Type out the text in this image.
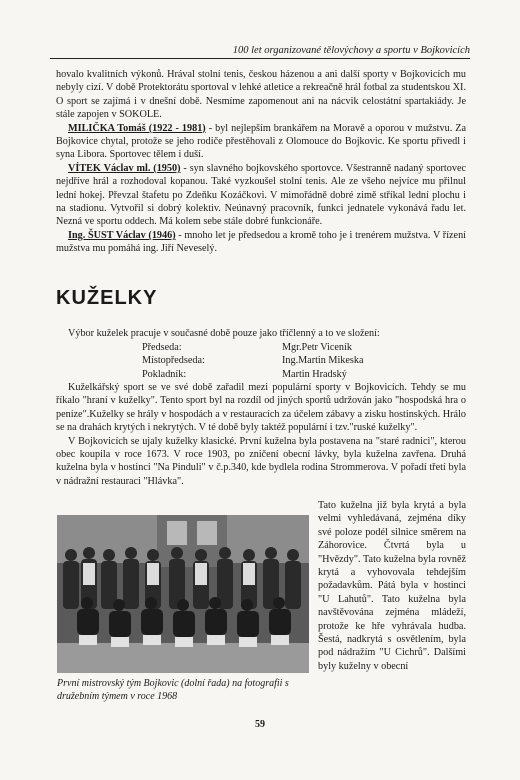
100 let organizované tělovýchovy a sportu v Bojkovicích

hovalo kvalitních výkonů. Hrával stolní tenis, českou házenou a ani další sporty v Bojkovicích mu nebyly cizí. V době Protektorátu sportoval v lehké atletice a rekreačně hrál fotbal za studentskou XI. O sport se zajímá i v dnešní době. Nesmíme zapomenout ani na nácvik celostátní spartakiády. Je stále zapojen v SOKOLE.

MILIČKA Tomáš (1922 - 1981) - byl nejlepším brankářem na Moravě a oporou v mužstvu. Za Bojkovice chytal, protože se jeho rodiče přestěhovali z Olomouce do Bojkovic. Ke sportu přivedl i syna Libora. Sportovec tělem i duší.

VÍTEK Václav ml. (1950) - syn slavného bojkovského sportovce. Všestranně nadaný sportovec nejdříve hrál a rozhodoval kopanou. Také vyzkoušel stolní tenis. Ale ze všeho nejvíce mu přilnul lední hokej. Převzal štafetu po Zdeňku Kozáčkovi. V mimořádně dobré zimě stříkal lední plochu i na stadionu. Vytvořil si dobrý kolektiv. Neúnavný pracovník, funkci jednatele vykonává řadu let. Nezná ve sportu oddech. Má kolem sebe stále dobré funkcionáře.

Ing. ŠUST Václav (1946) - mnoho let je předsedou a kromě toho je i trenérem mužstva. V řízení mužstva mu pomáhá ing. Jiří Neveselý.

KUŽELKY

Výbor kuželek pracuje v současné době pouze jako tříčlenný a to ve složení:

Předseda:	Mgr.Petr Viceník
Místopředseda:	Ing.Martin Mikeska
Pokladník:	Martin Hradský

Kuželkářský sport se ve své době zařadil mezi populární sporty v Bojkovicích. Tehdy se mu říkalo "hraní v kuželky". Tento sport byl na rozdíl od jiných sportů udržován jako "hospodská hra o peníze".Kuželky se hrály v hospodách a v restauracích za účelem zábavy a zisku hostinských. Hrálo se na drahách krytých i nekrytých. V té době byly taktéž populární i tzv."ruské kuželky".

V Bojkovicích se ujaly kuželky klasické. První kuželna byla postavena na "staré radnici", kterou obec koupila v roce 1673. V roce 1903, po zničení obecní lávky, byla kuželna zavřena. Druhá kuželna byla v hostinci "Na Pinduli" v č.p.340, kde bydlela rodina Strommerova. V pořadí třetí byla v nádražní restauraci "Hlávka".

První mistrovský tým Bojkovic (dolní řada) na fotografii s družebním týmem v roce 1968

Tato kuželna již byla krytá a byla velmi vyhledávaná, zejména díky své poloze podél silnice směrem na Záhorovice. Čtvrtá byla u "Hvězdy". Tato kuželna byla rovněž krytá a vyhovovala tehdejším požadavkům. Pátá byla v hostinci "U Lahutů". Tato kuželna byla navštěvována zejména mládeží, protože ke hře vyhrávala hudba. Šestá, nadkrytá s osvětlením, byla pod nádražím "U Cichrů". Dalšími byly kuželny v obecní

59
